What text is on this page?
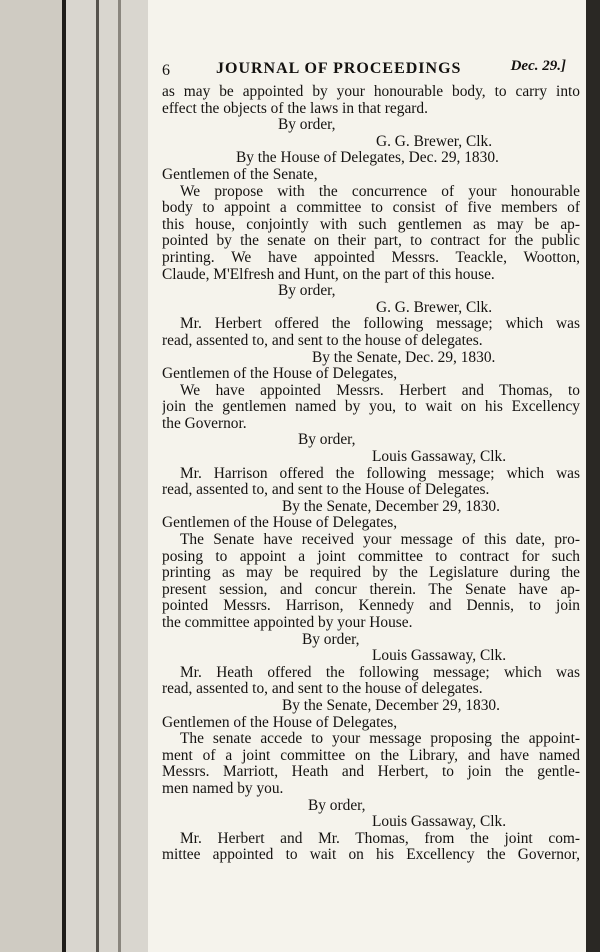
6	JOURNAL OF PROCEEDINGS	Dec. 29.]
as may be appointed by your honourable body, to carry into
effect the objects of the laws in that regard.
By order,
G. G. Brewer, Clk.
By the House of Delegates, Dec. 29, 1830.
Gentlemen of the Senate,
We propose with the concurrence of your honourable
body to appoint a committee to consist of five members of
this house, conjointly with such gentlemen as may be ap-
pointed by the senate on their part, to contract for the public
printing. We have appointed Messrs. Teackle, Wootton,
Claude, M'Elfresh and Hunt, on the part of this house.
By order,
G. G. Brewer, Clk.
Mr. Herbert offered the following message; which was
read, assented to, and sent to the house of delegates.
By the Senate, Dec. 29, 1830.
Gentlemen of the House of Delegates,
We have appointed Messrs. Herbert and Thomas, to
join the gentlemen named by you, to wait on his Excellency
the Governor.
By order,
Louis Gassaway, Clk.
Mr. Harrison offered the following message; which was
read, assented to, and sent to the House of Delegates.
By the Senate, December 29, 1830.
Gentlemen of the House of Delegates,
The Senate have received your message of this date, pro-
posing to appoint a joint committee to contract for such
printing as may be required by the Legislature during the
present session, and concur therein. The Senate have ap-
pointed Messrs. Harrison, Kennedy and Dennis, to join
the committee appointed by your House.
By order,
Louis Gassaway, Clk.
Mr. Heath offered the following message; which was
read, assented to, and sent to the house of delegates.
By the Senate, December 29, 1830.
Gentlemen of the House of Delegates,
The senate accede to your message proposing the appoint-
ment of a joint committee on the Library, and have named
Messrs. Marriott, Heath and Herbert, to join the gentle-
men named by you.
By order,
Louis Gassaway, Clk.
Mr. Herbert and Mr. Thomas, from the joint com-
mittee appointed to wait on his Excellency the Governor,
